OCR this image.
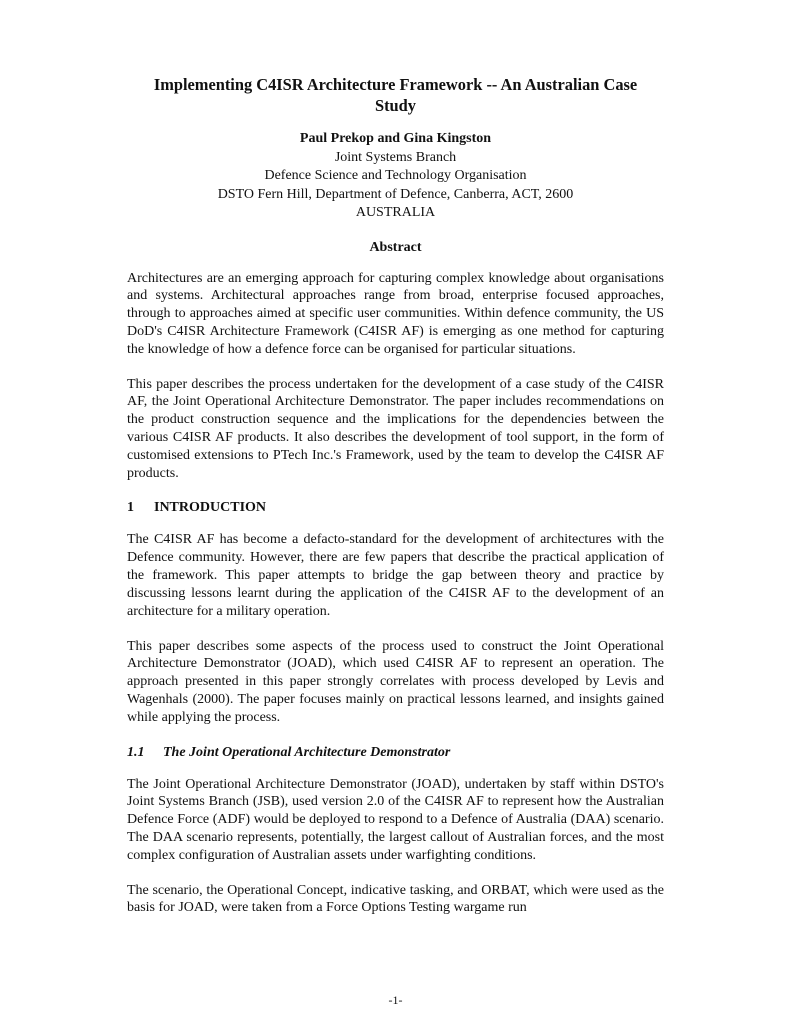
Implementing C4ISR Architecture Framework -- An Australian Case Study
Paul Prekop and Gina Kingston
Joint Systems Branch
Defence Science and Technology Organisation
DSTO Fern Hill, Department of Defence, Canberra, ACT, 2600
AUSTRALIA
Abstract

Architectures are an emerging approach for capturing complex knowledge about organisations and systems. Architectural approaches range from broad, enterprise focused approaches, through to approaches aimed at specific user communities. Within defence community, the US DoD's C4ISR Architecture Framework (C4ISR AF) is emerging as one method for capturing the knowledge of how a defence force can be organised for particular situations.

This paper describes the process undertaken for the development of a case study of the C4ISR AF, the Joint Operational Architecture Demonstrator. The paper includes recommendations on the product construction sequence and the implications for the dependencies between the various C4ISR AF products. It also describes the development of tool support, in the form of customised extensions to PTech Inc.'s Framework, used by the team to develop the C4ISR AF products.

1 INTRODUCTION

The C4ISR AF has become a defacto-standard for the development of architectures with the Defence community. However, there are few papers that describe the practical application of the framework. This paper attempts to bridge the gap between theory and practice by discussing lessons learnt during the application of the C4ISR AF to the development of an architecture for a military operation.

This paper describes some aspects of the process used to construct the Joint Operational Architecture Demonstrator (JOAD), which used C4ISR AF to represent an operation. The approach presented in this paper strongly correlates with process developed by Levis and Wagenhals (2000). The paper focuses mainly on practical lessons learned, and insights gained while applying the process.

1.1 The Joint Operational Architecture Demonstrator

The Joint Operational Architecture Demonstrator (JOAD), undertaken by staff within DSTO's Joint Systems Branch (JSB), used version 2.0 of the C4ISR AF to represent how the Australian Defence Force (ADF) would be deployed to respond to a Defence of Australia (DAA) scenario. The DAA scenario represents, potentially, the largest callout of Australian forces, and the most complex configuration of Australian assets under warfighting conditions.

The scenario, the Operational Concept, indicative tasking, and ORBAT, which were used as the basis for JOAD, were taken from a Force Options Testing wargame run

-1-
